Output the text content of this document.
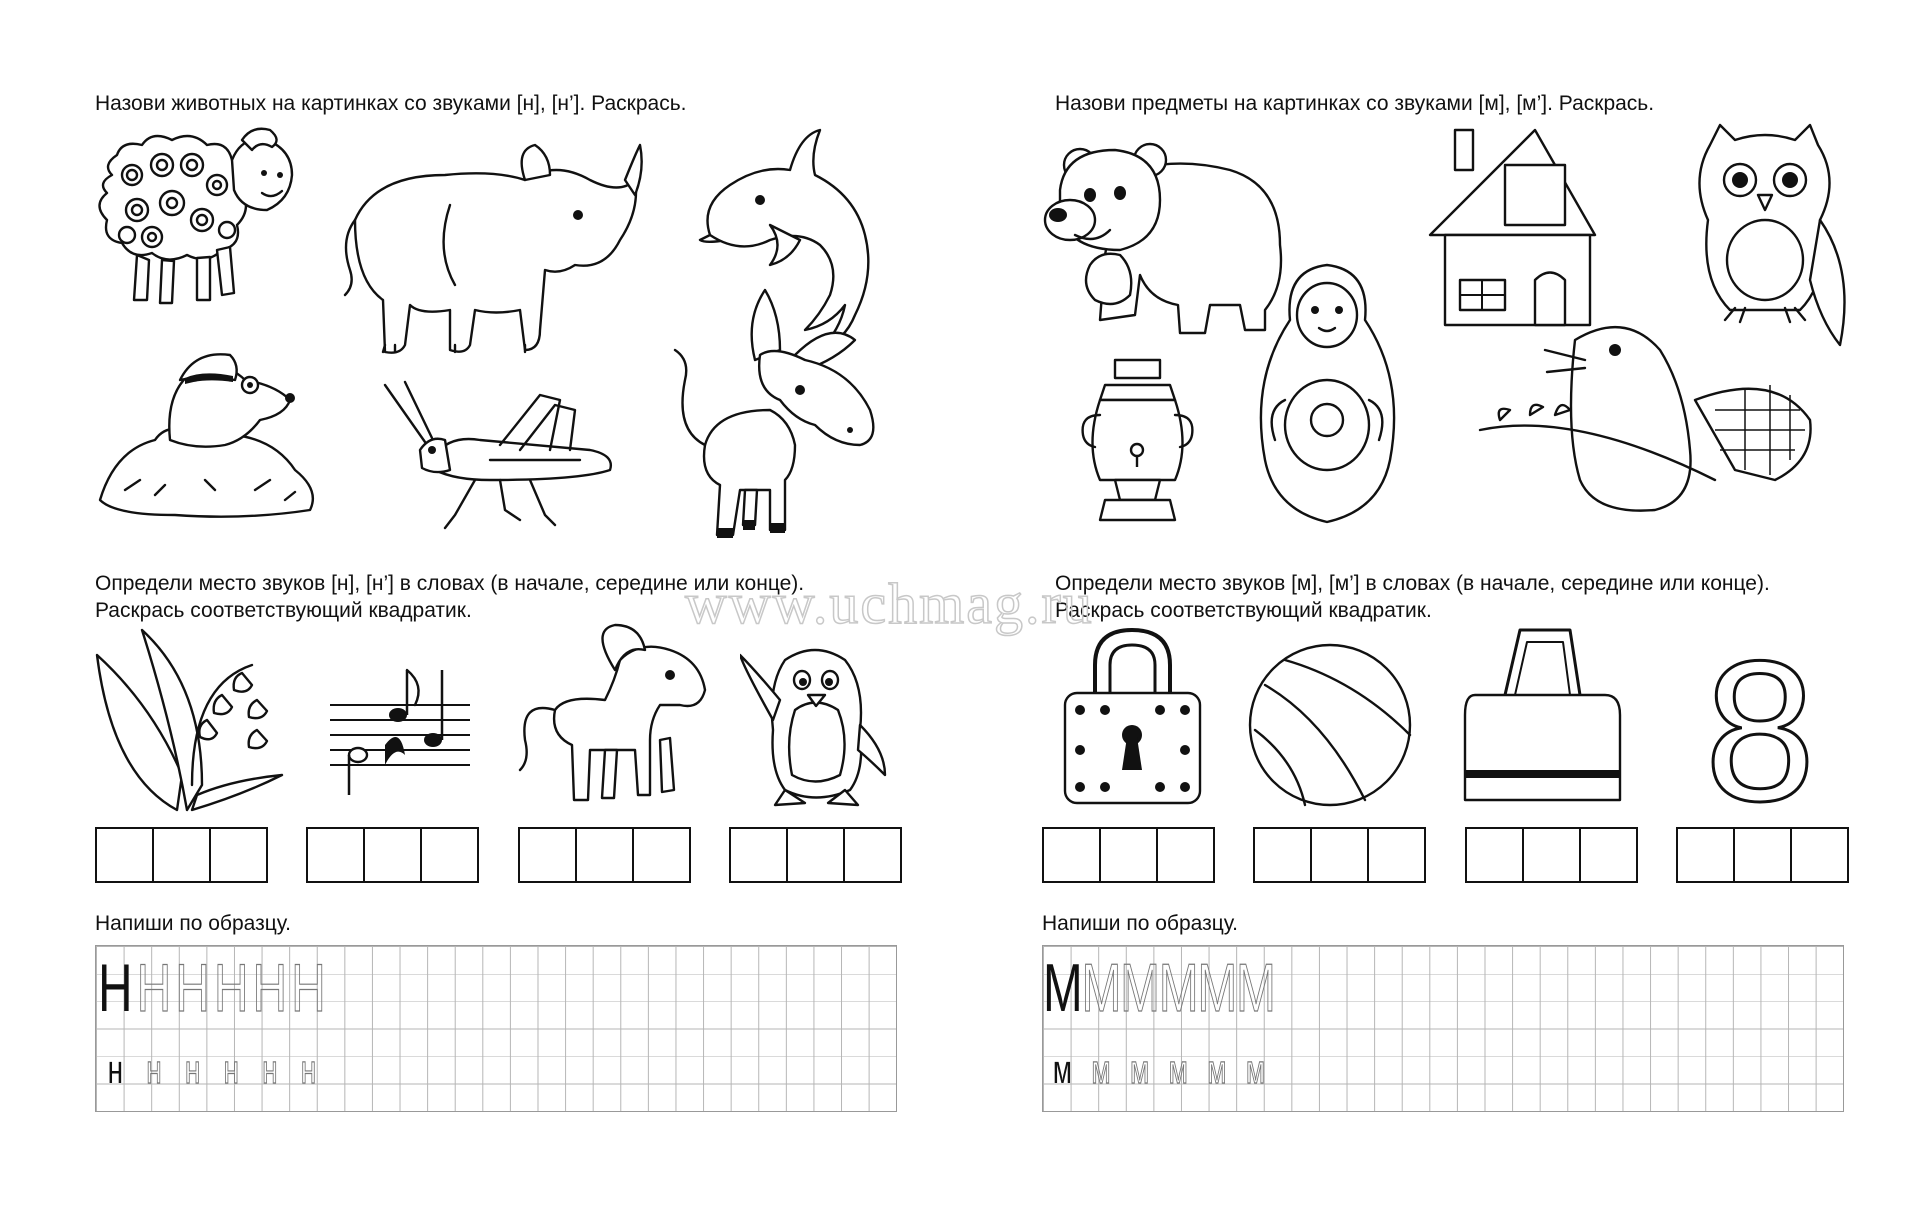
Назови животных на картинках со звуками [н], [н’]. Раскрась.
Определи место звуков [н], [н’] в словах (в начале, середине или конце).
Раскрась соответствующий квадратик.
Напиши по образцу.
Н Н Н Н Н Н
н н н н н н
Назови предметы на картинках со звуками [м], [м’]. Раскрась.
8
Определи место звуков [м], [м’] в словах (в начале, середине или конце).
Раскрась соответствующий квадратик.
Напиши по образцу.
М
М
М
М
М
М
м м м м м м
www.uchmag.ru
